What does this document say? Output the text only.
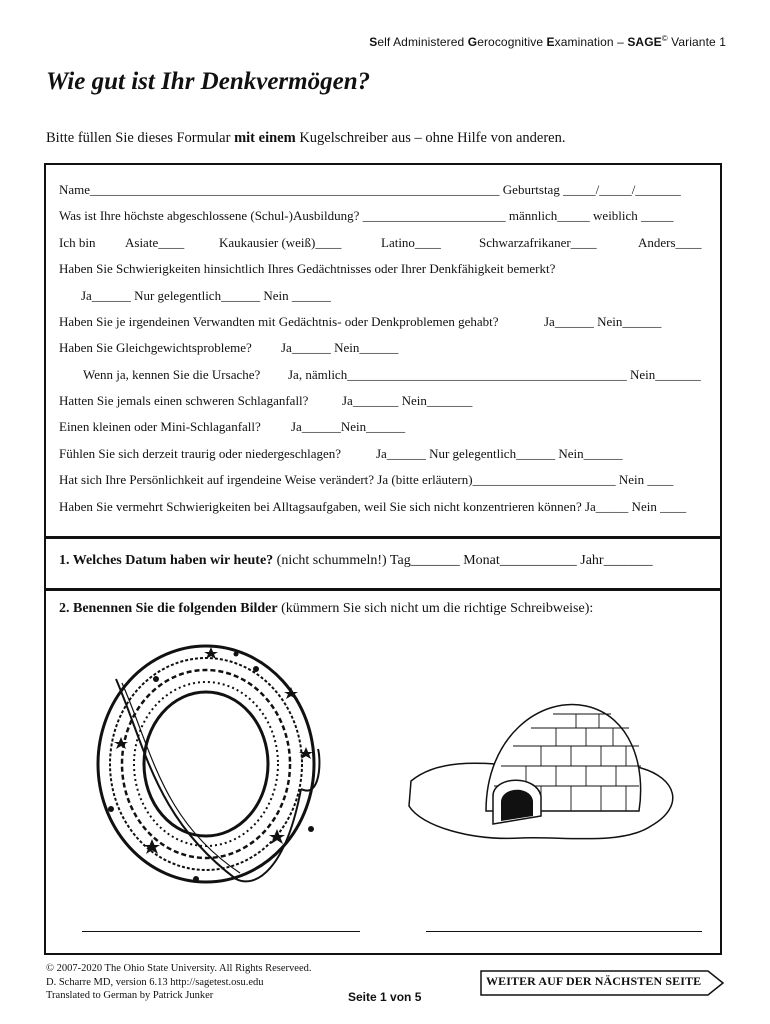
Self Administered Gerocognitive Examination – SAGE© Variante 1
Wie gut ist Ihr Denkvermögen?
Bitte füllen Sie dieses Formular mit einem Kugelschreiber aus – ohne Hilfe von anderen.
Name_______________________________________________________________ Geburtstag _____/_____/_______
Was ist Ihre höchste abgeschlossene (Schul-)Ausbildung? ______________________ männlich_____ weiblich _____
Ich bin Asiate____	Kaukausier (weiß)____	Latino____	Schwarzafrikaner____	Anders____
Haben Sie Schwierigkeiten hinsichtlich Ihres Gedächtnisses oder Ihrer Denkfähigkeit bemerkt?
Ja______ Nur gelegentlich______ Nein ______
Haben Sie je irgendeinen Verwandten mit Gedächtnis- oder Denkproblemen gehabt?	Ja______ Nein______
Haben Sie Gleichgewichtsprobleme? Ja______ Nein______
Wenn ja, kennen Sie die Ursache? Ja, nämlich___________________________________________ Nein_______
Hatten Sie jemals einen schweren Schlaganfall?	Ja_______ Nein_______
Einen kleinen oder Mini-Schlaganfall? Ja______Nein______
Fühlen Sie sich derzeit traurig oder niedergeschlagen?	Ja______ Nur gelegentlich______ Nein______
Hat sich Ihre Persönlichkeit auf irgendeine Weise verändert? Ja (bitte erläutern)______________________ Nein ____
Haben Sie vermehrt Schwierigkeiten bei Alltagsaufgaben, weil Sie sich nicht konzentrieren können? Ja_____ Nein ____
1. Welches Datum haben wir heute? (nicht schummeln!) Tag_______ Monat___________ Jahr_______
2. Benennen Sie die folgenden Bilder (kümmern Sie sich nicht um die richtige Schreibweise):
© 2007-2020 The Ohio State University. All Rights Reserveed.
D. Scharre MD, version 6.13 http://sagetest.osu.edu
Translated to German by Patrick Junker	Seite 1 von 5
WEITER AUF DER NÄCHSTEN SEITE
